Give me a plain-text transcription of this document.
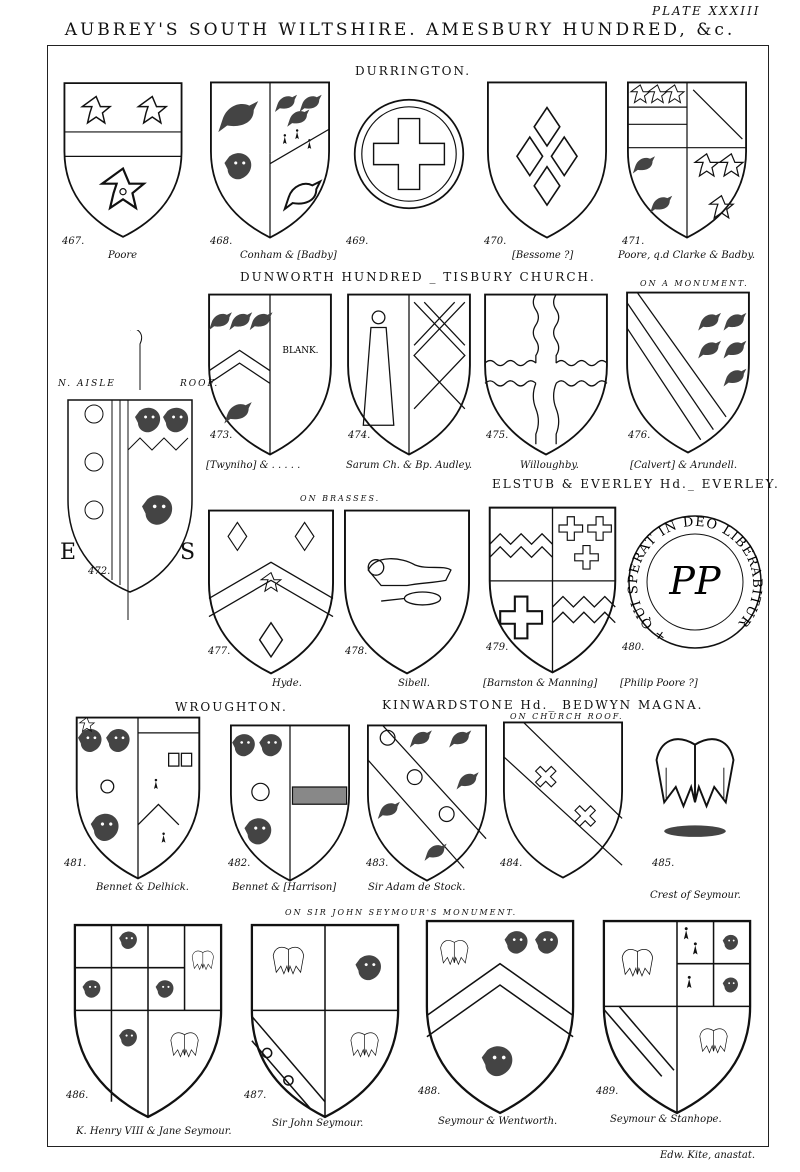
PLATE XXXIII
AUBREY'S SOUTH WILTSHIRE. AMESBURY HUNDRED, &c.
DURRINGTON.
DUNWORTH HUNDRED _ TISBURY CHURCH.	ON A MONUMENT.
N. AISLE	ROOF.
ELSTUB & EVERLEY Hd._ EVERLEY.
ON BRASSES.
WROUGHTON.	KINWARDSTONE Hd._ BEDWYN MAGNA.
ON CHURCH ROOF.
ON SIR JOHN SEYMOUR'S MONUMENT.
E	S
Edw. Kite, anastat.
467.
Poore
468.
Conham & [Badby]
469.	470.
[Bessome ?]
471.
Poore, q.d Clarke & Badby.
472.
BLANK.
473.
[Twyniho] & . . . . .
474.
Sarum Ch. & Bp. Audley.
475.
Willoughby.
476.
[Calvert] & Arundell.
477.
Hyde.
478.
Sibell.
479.
[Barnston & Manning]
+ QUI SPERAT IN DEO LIBERABITUR
PP
480.
[Philip Poore ?]
481.
Bennet & Delhick.
482.
Bennet & [Harrison]
483.
Sir Adam de Stock.
484.	485.
Crest of Seymour.
486.
K. Henry VIII & Jane Seymour.
487.
Sir John Seymour.
488.
Seymour & Wentworth.
489.
Seymour & Stanhope.
